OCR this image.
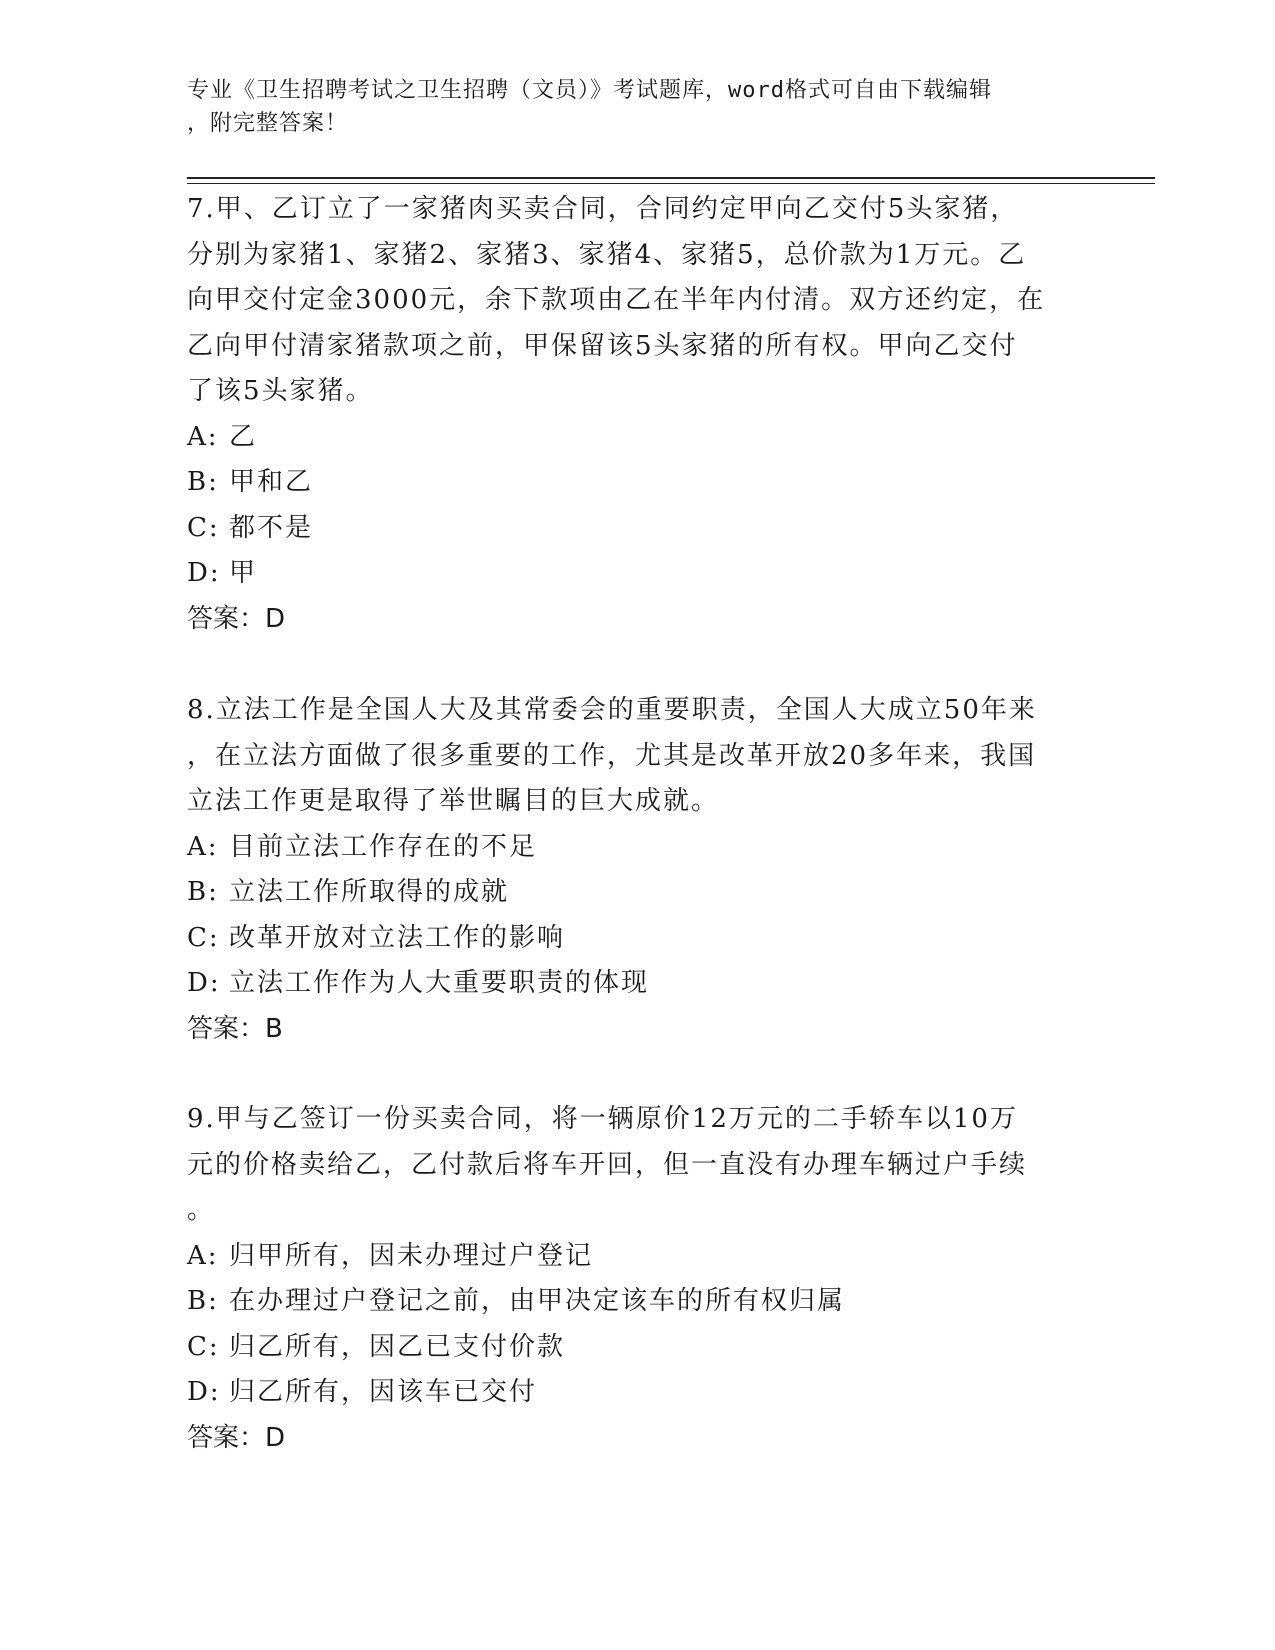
专业《卫生招聘考试之卫生招聘（文员）》考试题库，word格式可自由下载编辑
，附完整答案！
7.甲、乙订立了一家猪肉买卖合同，合同约定甲向乙交付5头家猪，
分别为家猪1、家猪2、家猪3、家猪4、家猪5，总价款为1万元。乙
向甲交付定金3000元，余下款项由乙在半年内付清。双方还约定，在
乙向甲付清家猪款项之前，甲保留该5头家猪的所有权。甲向乙交付
了该5头家猪。
A: 乙
B: 甲和乙
C: 都不是
D: 甲
答案：D
8.立法工作是全国人大及其常委会的重要职责，全国人大成立50年来
，在立法方面做了很多重要的工作，尤其是改革开放20多年来，我国
立法工作更是取得了举世瞩目的巨大成就。
A: 目前立法工作存在的不足
B: 立法工作所取得的成就
C: 改革开放对立法工作的影响
D: 立法工作作为人大重要职责的体现
答案：B
9.甲与乙签订一份买卖合同，将一辆原价12万元的二手轿车以10万
元的价格卖给乙，乙付款后将车开回，但一直没有办理车辆过户手续
。
A: 归甲所有，因未办理过户登记
B: 在办理过户登记之前，由甲决定该车的所有权归属
C: 归乙所有，因乙已支付价款
D: 归乙所有，因该车已交付
答案：D
